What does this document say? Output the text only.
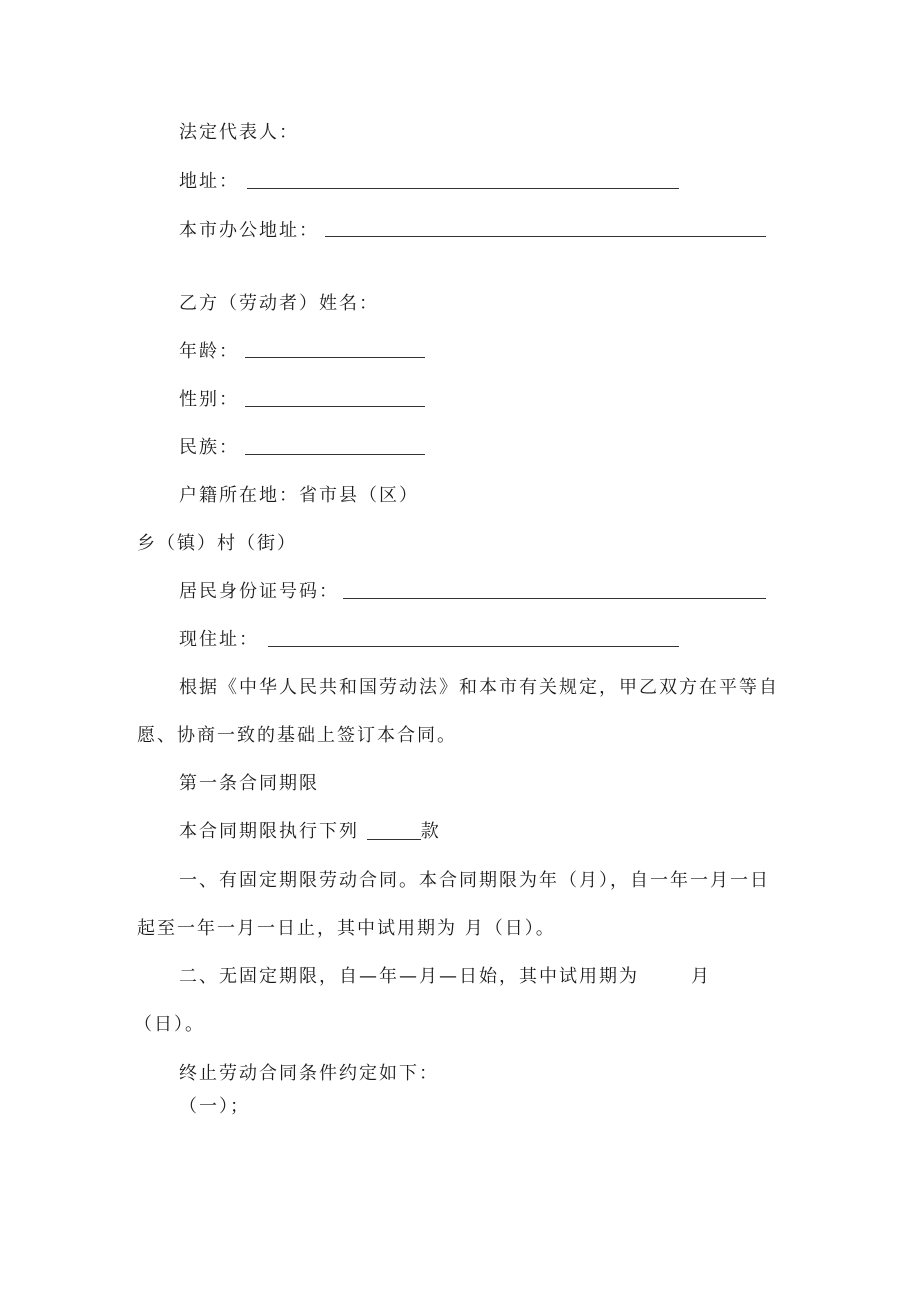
法定代表人：
地址：
本市办公地址：
乙方（劳动者）姓名：
年龄：
性别：
民族：
户籍所在地：省市县（区）
乡（镇）村（街）
居民身份证号码：
现住址：
根据《中华人民共和国劳动法》和本市有关规定，甲乙双方在平等自
愿、协商一致的基础上签订本合同。
第一条合同期限
本合同期限执行下列	款
一、有固定期限劳动合同。本合同期限为年（月），自一年一月一日
起至一年一月一日止，其中试用期为 月（日）。
二、无固定期限，自—年—月—日始，其中试用期为	月
（日）。
终止劳动合同条件约定如下：
（一）；
